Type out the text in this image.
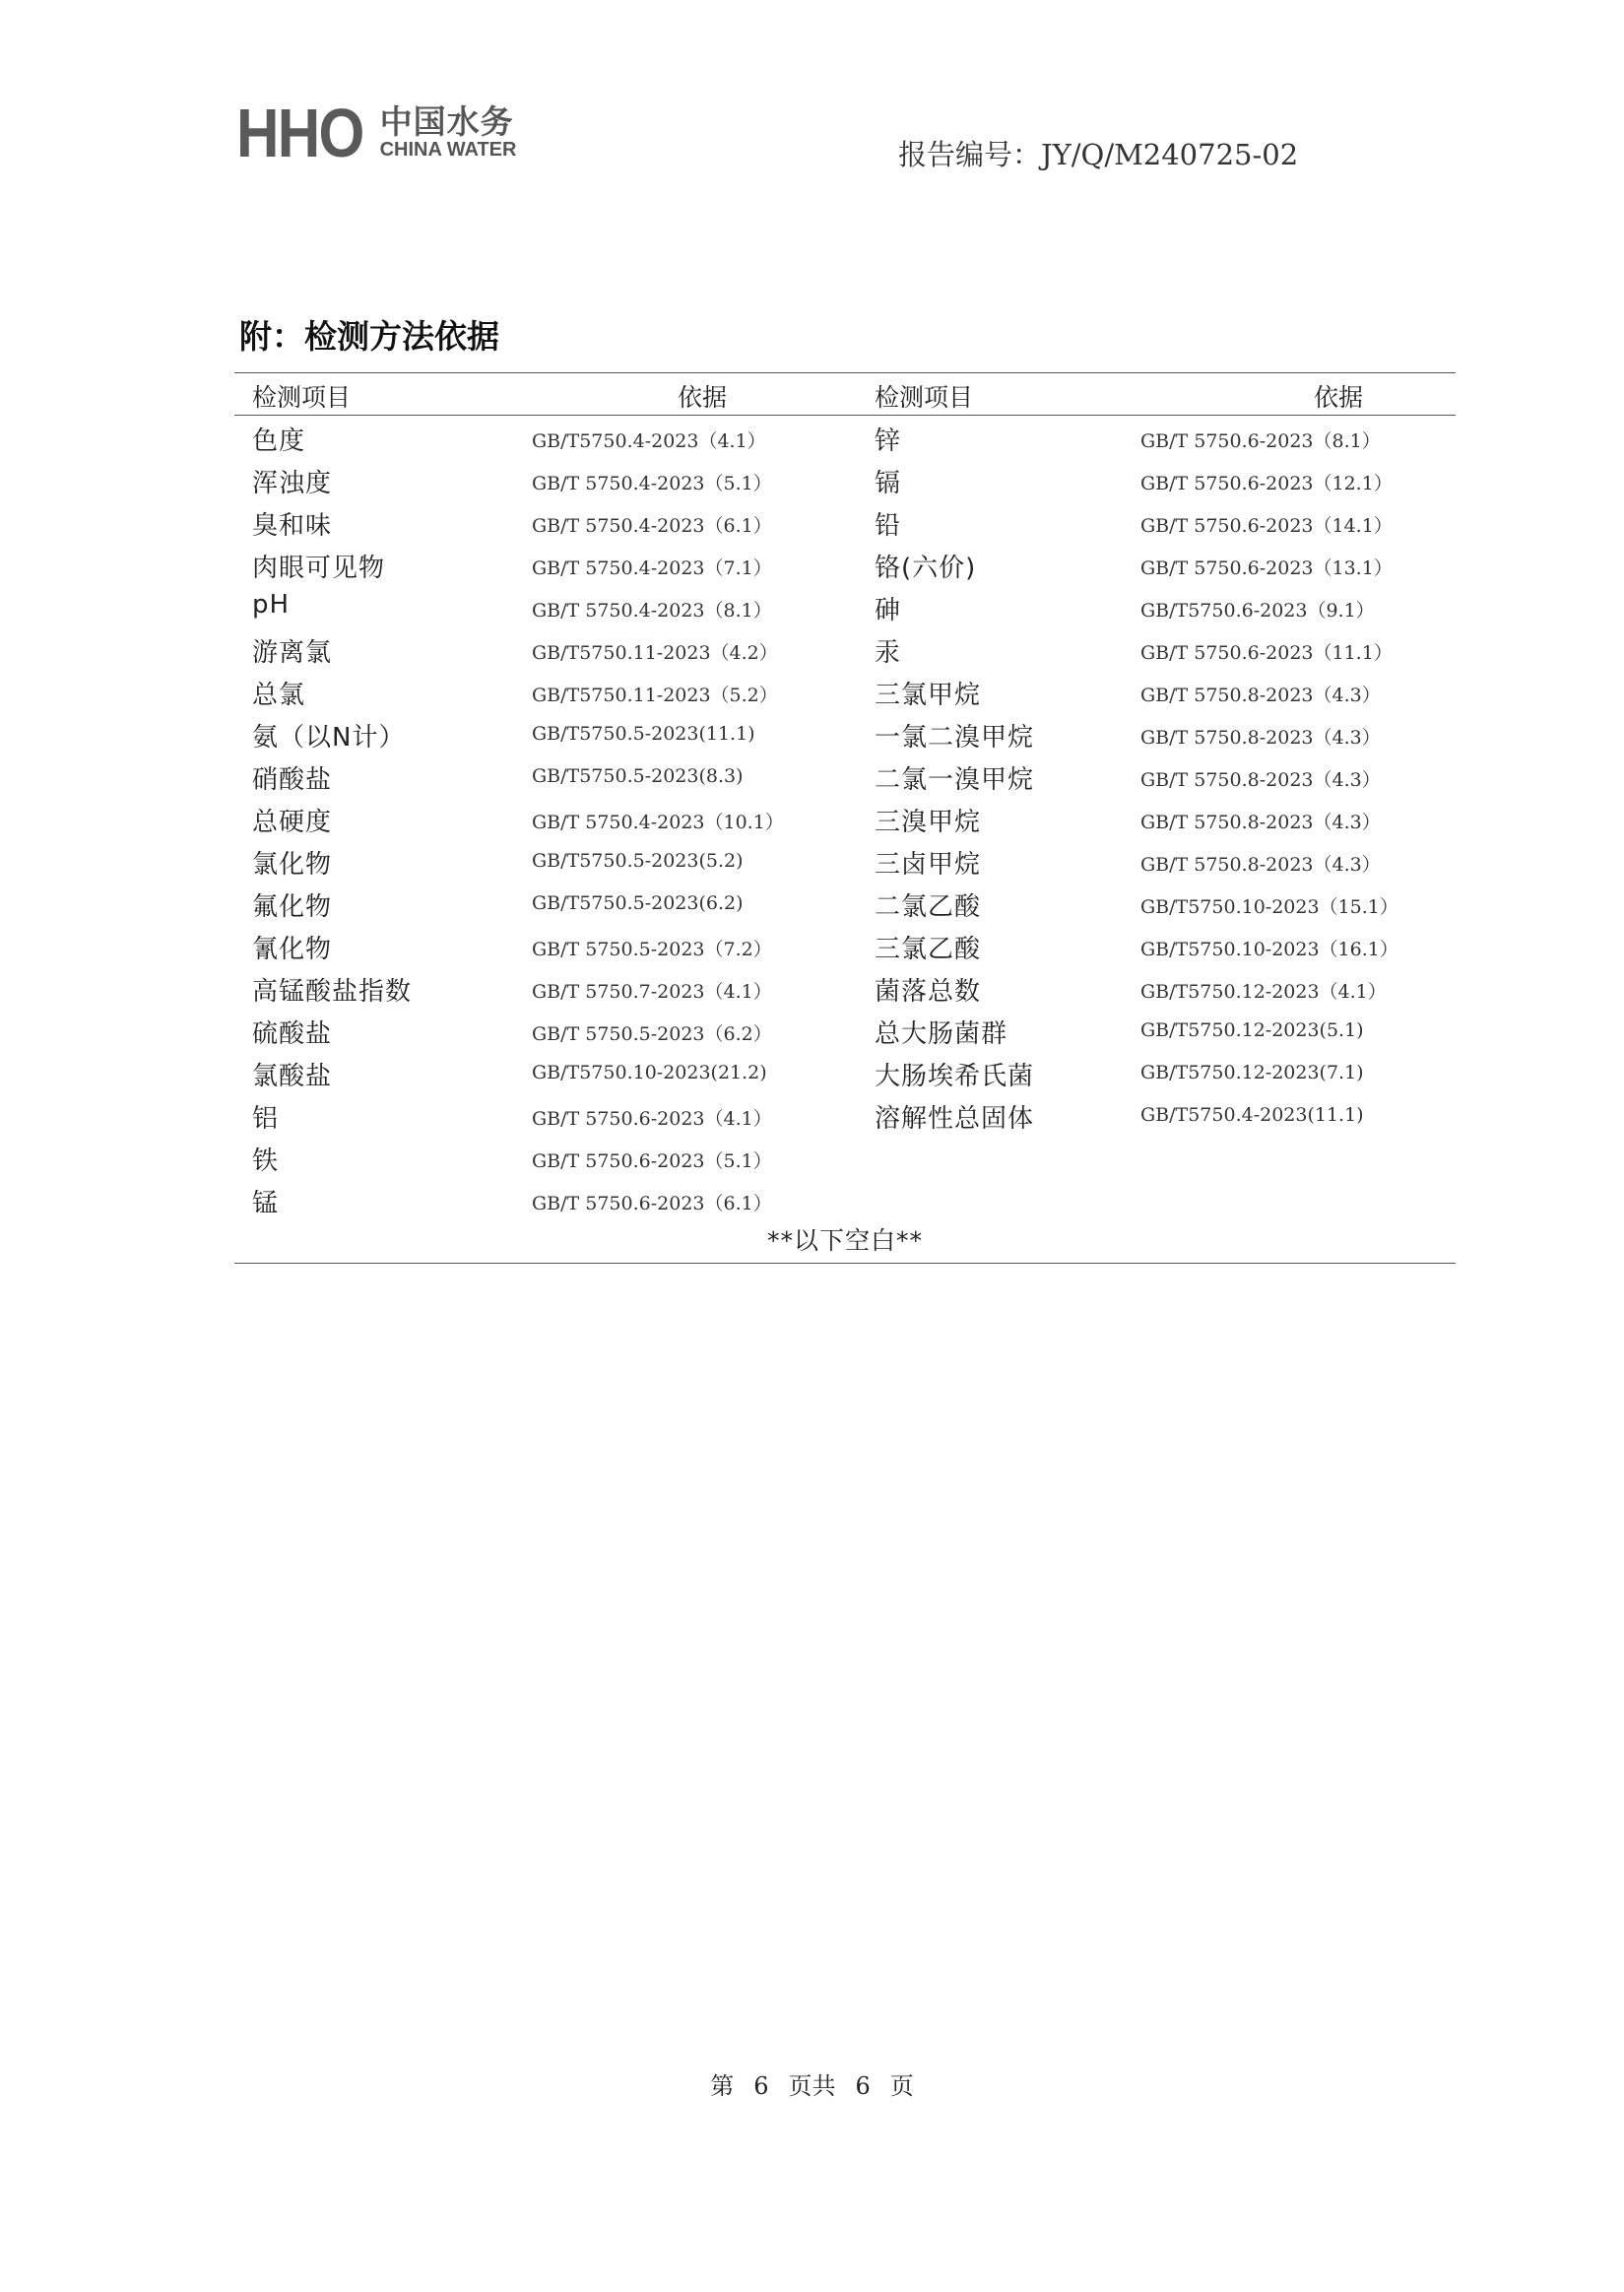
HHO 中国水务
CHINA WATER	报告编号：JY/Q/M240725-02
附：检测方法依据
检测项目	依据	检测项目	依据
色度	GB/T5750.4-2023（4.1）	锌	GB/T 5750.6-2023（8.1）
浑浊度	GB/T 5750.4-2023（5.1）	镉	GB/T 5750.6-2023（12.1）
臭和味	GB/T 5750.4-2023（6.1）	铅	GB/T 5750.6-2023（14.1）
肉眼可见物	GB/T 5750.4-2023（7.1）	铬(六价)	GB/T 5750.6-2023（13.1）
pH	GB/T 5750.4-2023（8.1）	砷	GB/T5750.6-2023（9.1）
游离氯	GB/T5750.11-2023（4.2）	汞	GB/T 5750.6-2023（11.1）
总氯	GB/T5750.11-2023（5.2）	三氯甲烷	GB/T 5750.8-2023（4.3）
氨（以N计）	GB/T5750.5-2023(11.1)	一氯二溴甲烷	GB/T 5750.8-2023（4.3）
硝酸盐	GB/T5750.5-2023(8.3)	二氯一溴甲烷	GB/T 5750.8-2023（4.3）
总硬度	GB/T 5750.4-2023（10.1）	三溴甲烷	GB/T 5750.8-2023（4.3）
氯化物	GB/T5750.5-2023(5.2)	三卤甲烷	GB/T 5750.8-2023（4.3）
氟化物	GB/T5750.5-2023(6.2)	二氯乙酸	GB/T5750.10-2023（15.1）
氰化物	GB/T 5750.5-2023（7.2）	三氯乙酸	GB/T5750.10-2023（16.1）
高锰酸盐指数	GB/T 5750.7-2023（4.1）	菌落总数	GB/T5750.12-2023（4.1）
硫酸盐	GB/T 5750.5-2023（6.2）	总大肠菌群	GB/T5750.12-2023(5.1)
氯酸盐	GB/T5750.10-2023(21.2)	大肠埃希氏菌	GB/T5750.12-2023(7.1)
铝	GB/T 5750.6-2023（4.1）	溶解性总固体	GB/T5750.4-2023(11.1)
铁	GB/T 5750.6-2023（5.1）
锰	GB/T 5750.6-2023（6.1）
**以下空白**
第 6 页共 6 页
